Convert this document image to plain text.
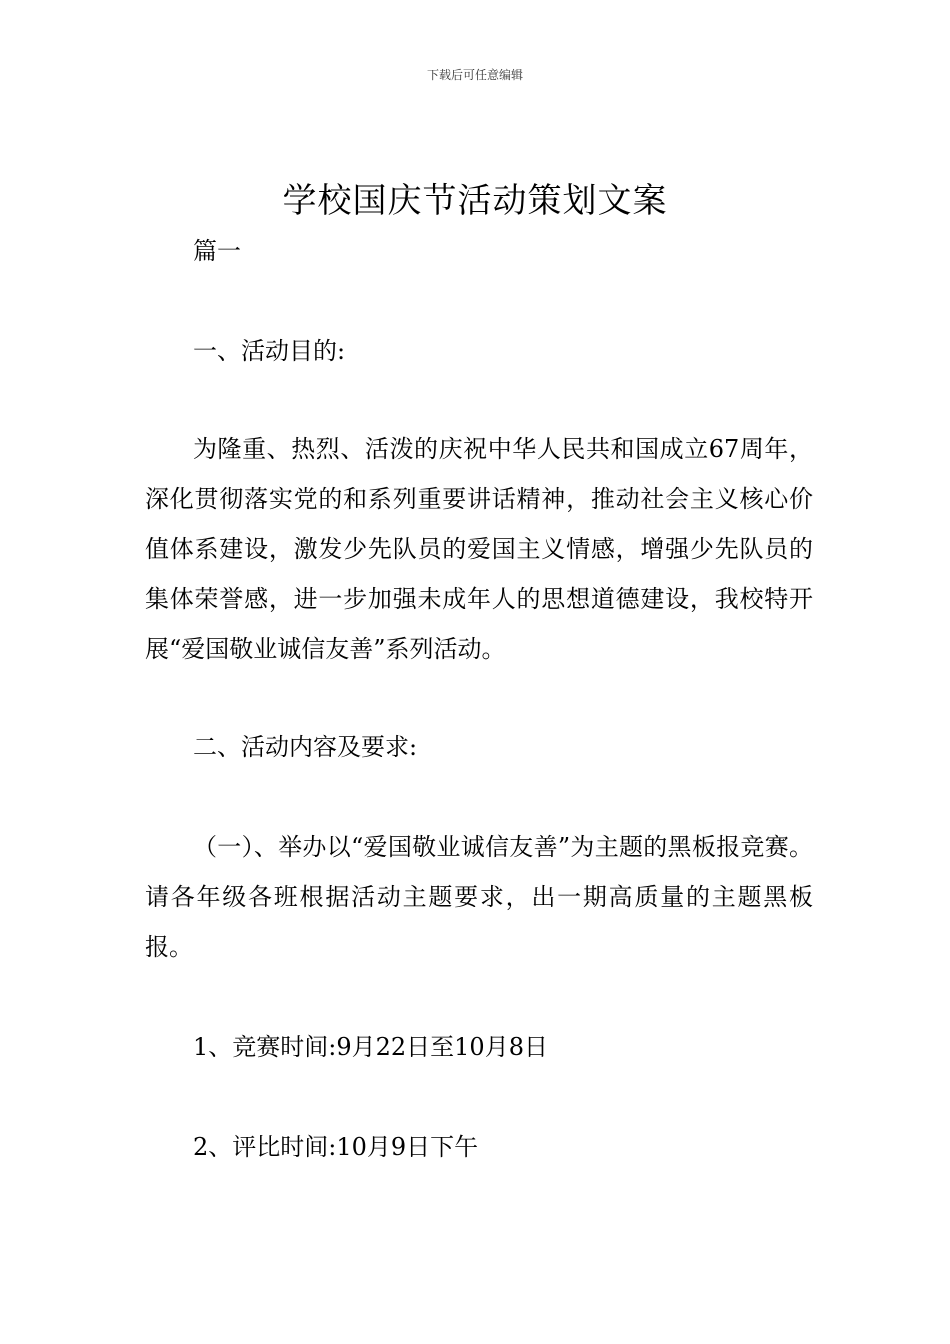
下载后可任意编辑
学校国庆节活动策划文案

篇一

一、活动目的:

为隆重、热烈、活泼的庆祝中华人民共和国成立67周年，深化贯彻落实党的和系列重要讲话精神，推动社会主义核心价值体系建设，激发少先队员的爱国主义情感，增强少先队员的集体荣誉感，进一步加强未成年人的思想道德建设，我校特开展“爱国敬业诚信友善”系列活动。

二、活动内容及要求:

（一）、举办以“爱国敬业诚信友善”为主题的黑板报竞赛。请各年级各班根据活动主题要求，出一期高质量的主题黑板报。

1、竞赛时间:9月22日至10月8日

2、评比时间:10月9日下午
